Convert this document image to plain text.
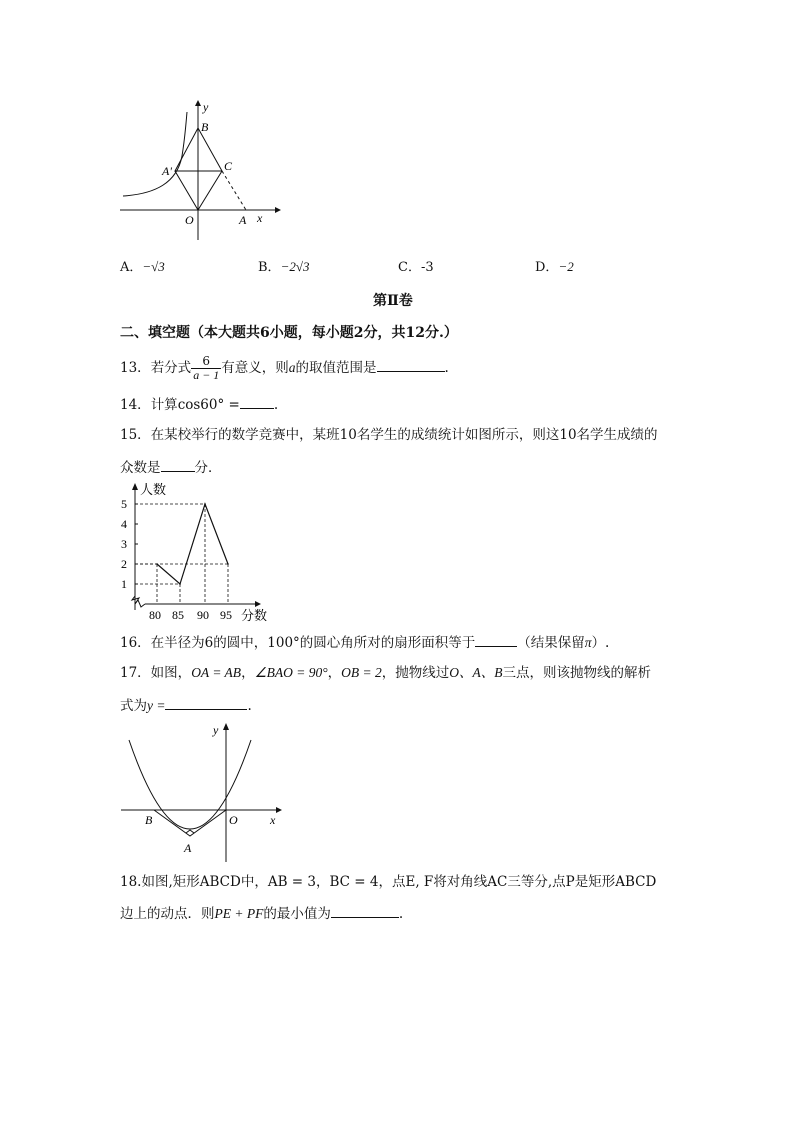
y
B
A'	C
O	A x
A．−√3	B．−2√3	C．-3	D．−2
第Ⅱ卷
二、填空题（本大题共6小题，每小题2分，共12分.）
13．若分式 $\frac{6}{a - 1}$ 有意义，则a的取值范围是	.
14．计算cos60° =	.
15．在某校举行的数学竞赛中，某班10名学生的成绩统计如图所示，则这10名学生成绩的
众数是	分．
1
2
3
4
5
80 85 90 95
人数
分数
16．在半径为6的圆中，100°的圆心角所对的扇形面积等于	（结果保留π）.
17．如图，OA = AB，∠BAO = 90°，OB = 2，抛物线过O、A、B三点，则该抛物线的解析
式为y =	.
y
B	O	x
A
18.如图,矩形ABCD中，AB = 3，BC = 4，点E, F将对角线AC三等分,点P是矩形ABCD
边上的动点．则PE + PF的最小值为	.
